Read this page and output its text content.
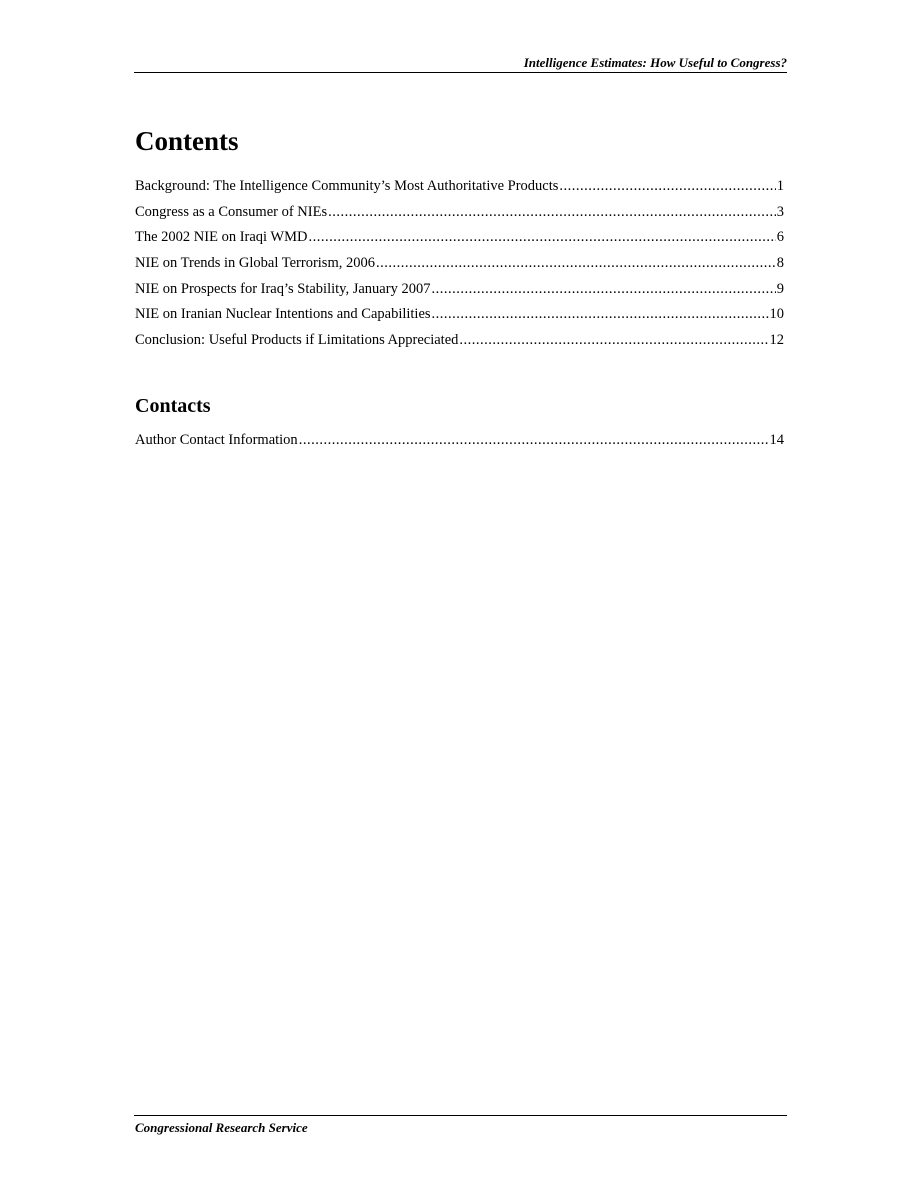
Intelligence Estimates: How Useful to Congress?
Contents
Background: The Intelligence Community’s Most Authoritative Products .....	1
Congress as a Consumer of NIEs .....	3
The 2002 NIE on Iraqi WMD .....	6
NIE on Trends in Global Terrorism, 2006 .....	8
NIE on Prospects for Iraq’s Stability, January 2007 .....	9
NIE on Iranian Nuclear Intentions and Capabilities .....	10
Conclusion: Useful Products if Limitations Appreciated .....	12
Contacts
Author Contact Information .....	14
Congressional Research Service
